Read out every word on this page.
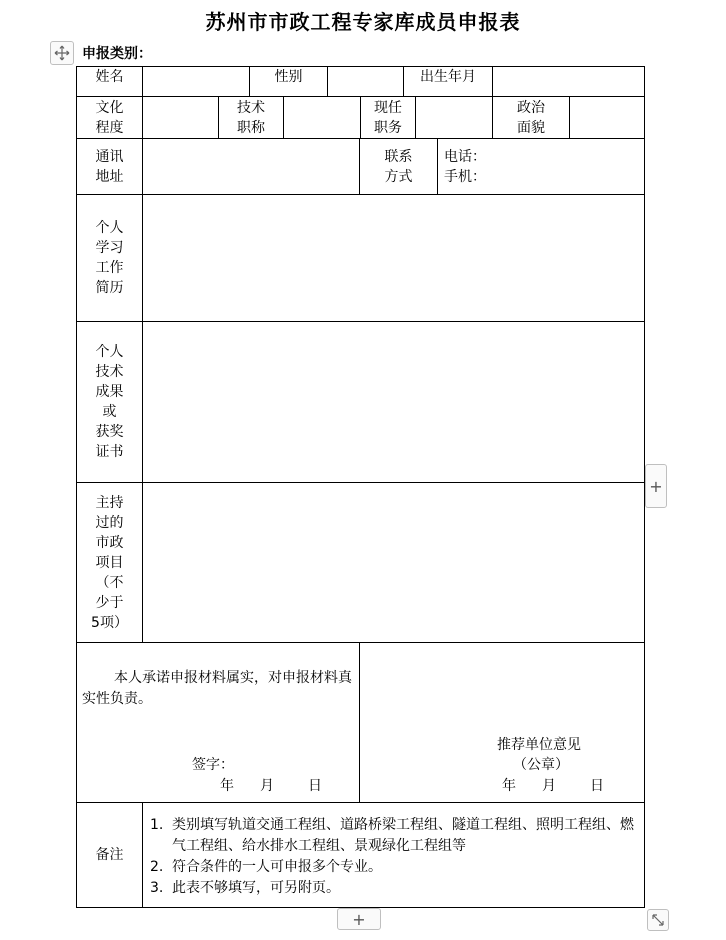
苏州市市政工程专家库成员申报表
申报类别：
姓名	性别	出生年月
文化
程度
技术
职称
现任
职务
政治
面貌
通讯
地址
联系
方式
电话：
手机：
个人
学习
工作
简历
个人
技术
成果
或
获奖
证书
主持
过的
市政
项目
（不
少于
5项）
本人承诺申报材料属实，对申报材料真实性负责。
签字：
年 月 日
推荐单位意见
（公章）
年 月 日
备注
1. 类别填写轨道交通工程组、道路桥梁工程组、隧道工程组、照明工程组、燃气工程组、给水排水工程组、景观绿化工程组等
2. 符合条件的一人可申报多个专业。
3. 此表不够填写，可另附页。
+
+
